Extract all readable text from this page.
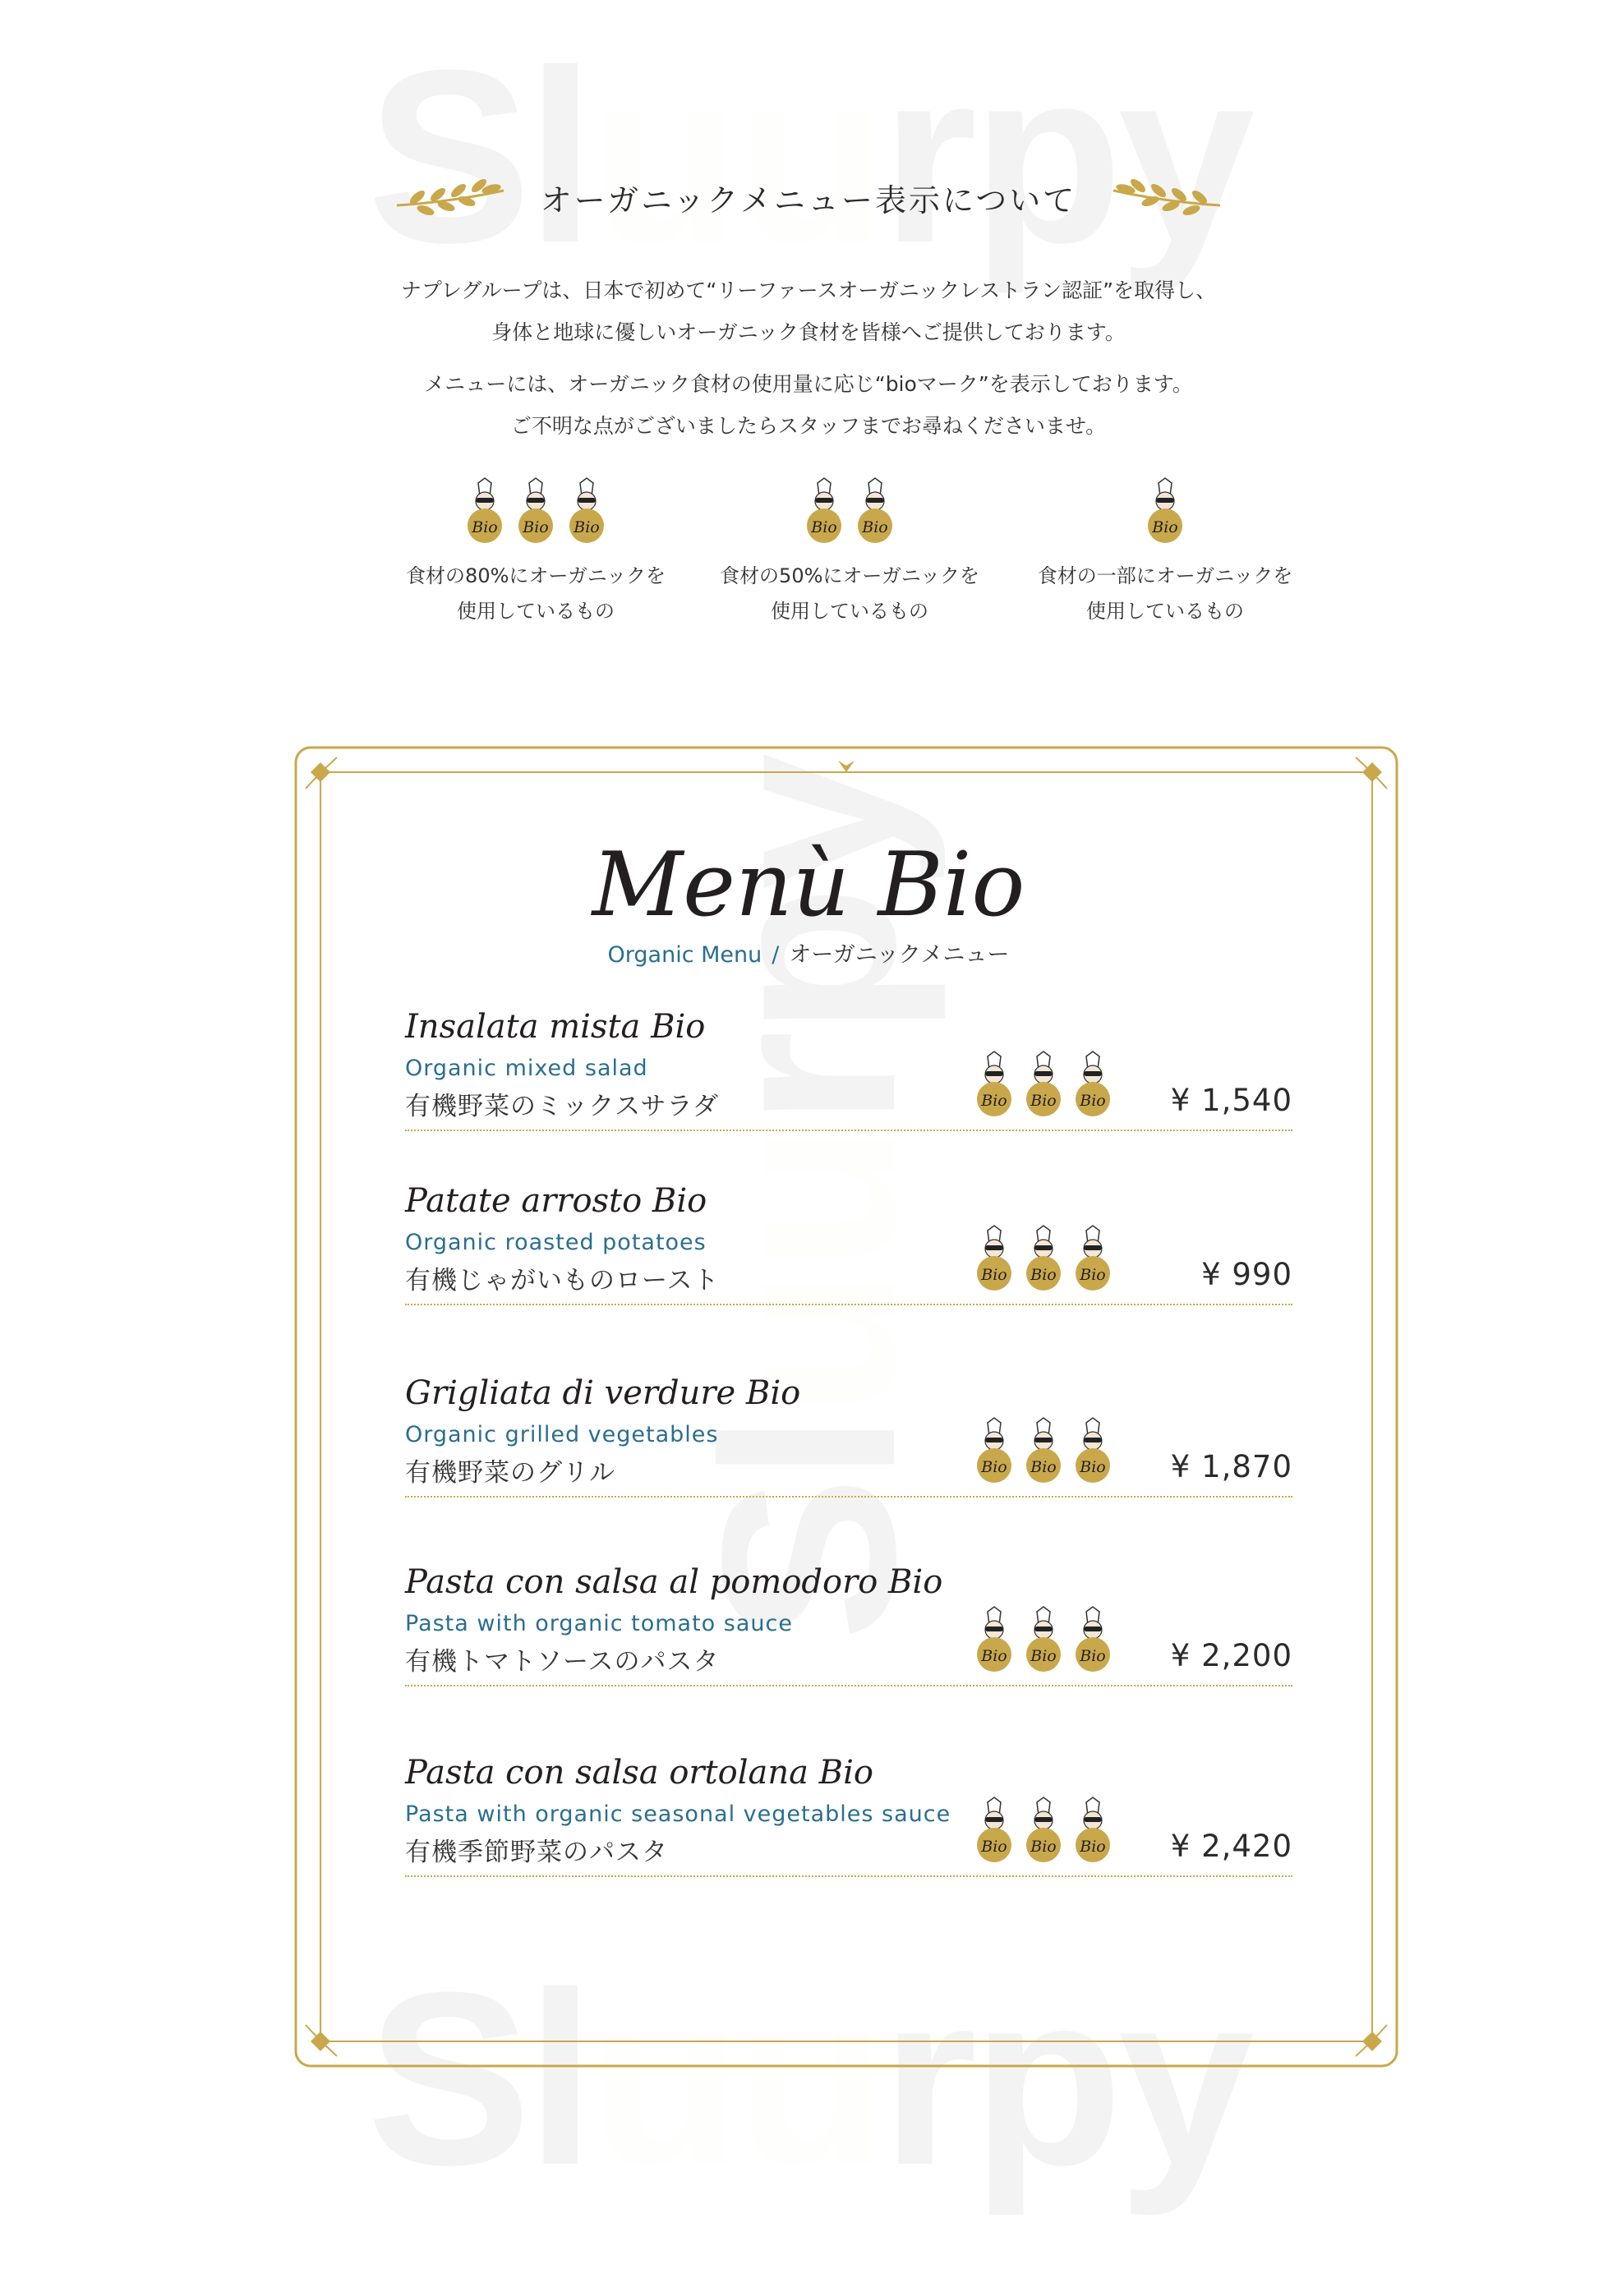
オーガニックメニュー表示について
ナプレグループは、日本で初めて“リーファースオーガニックレストラン認証”を取得し、
身体と地球に優しいオーガニック食材を皆様へご提供しております。
メニューには、オーガニック食材の使用量に応じ“bioマーク”を表示しております。
ご不明な点がございましたらスタッフまでお尋ねくださいませ。
Bio Bio Bio
食材の80%にオーガニックを
使用しているもの
Bio Bio
食材の50%にオーガニックを
使用しているもの
Bio
食材の一部にオーガニックを
使用しているもの
Menù Bio
Organic Menu / オーガニックメニュー
Insalata mista Bio
Organic mixed salad
有機野菜のミックスサラダ	Bio Bio Bio ¥ 1,540
Patate arrosto Bio
Organic roasted potatoes
有機じゃがいものロースト	Bio Bio Bio	¥ 990
Grigliata di verdure Bio
Organic grilled vegetables
有機野菜のグリル	Bio Bio Bio ¥ 1,870
Pasta con salsa al pomodoro Bio
Pasta with organic tomato sauce
有機トマトソースのパスタ	Bio Bio Bio ¥ 2,200
Pasta con salsa ortolana Bio
Pasta with organic seasonal vegetables sauce
有機季節野菜のパスタ	Bio Bio Bio ¥ 2,420
